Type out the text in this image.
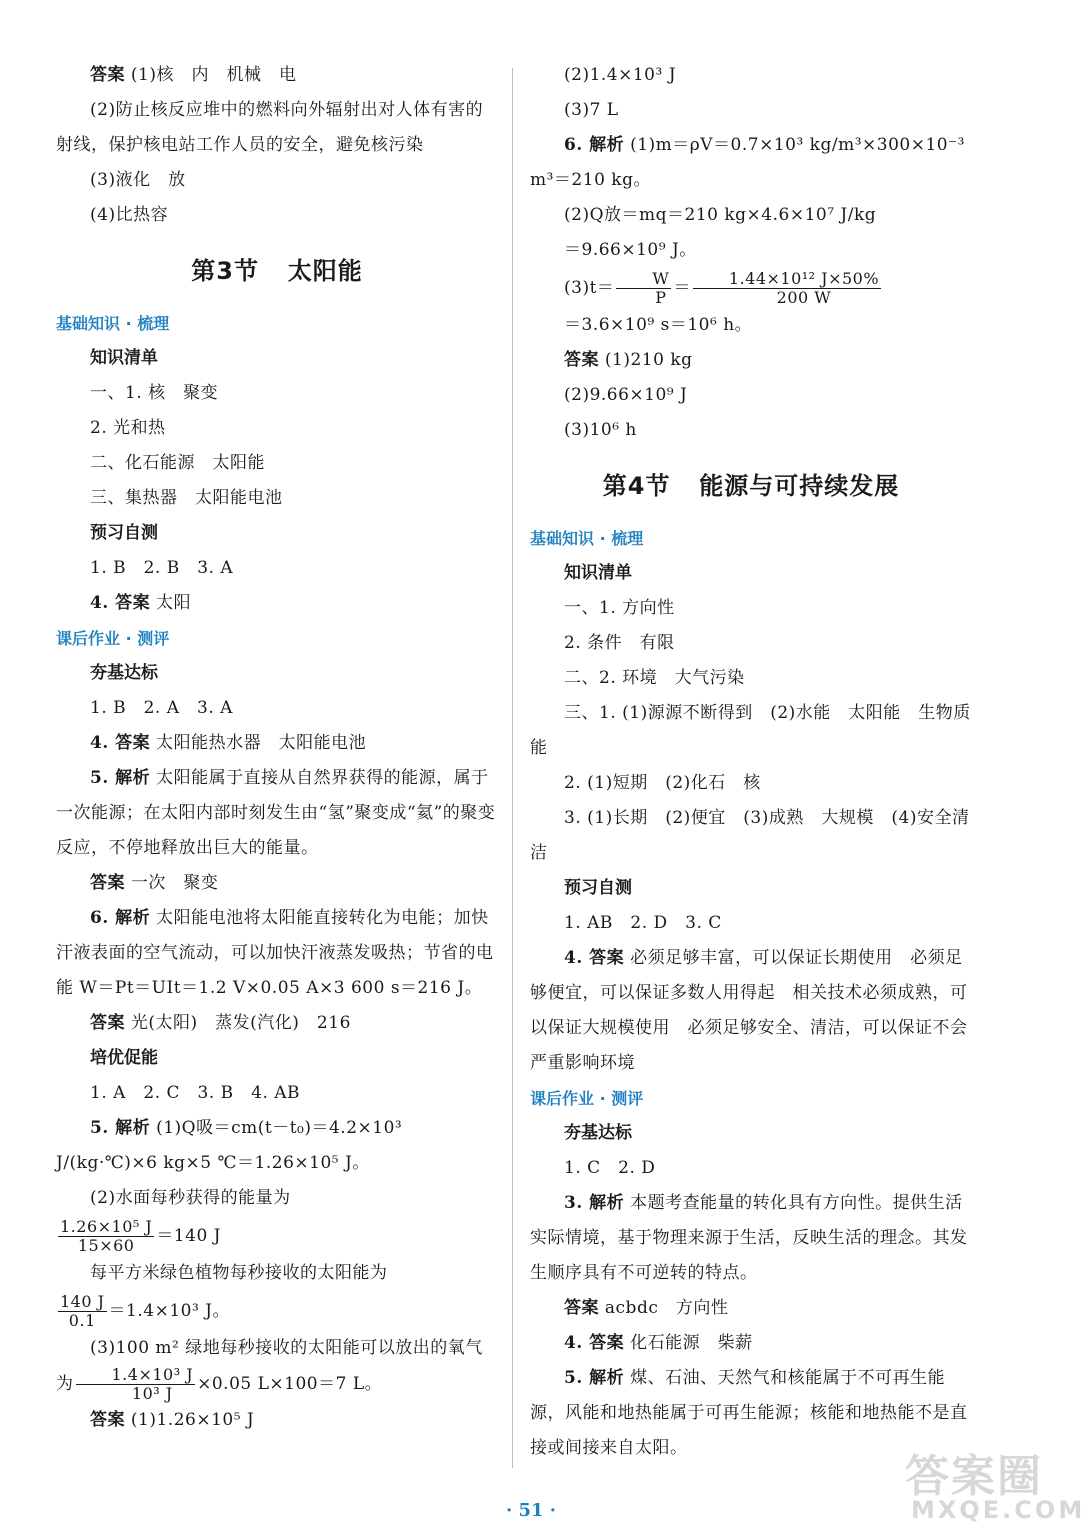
答案 (1)核　内　机械　电

(2)防止核反应堆中的燃料向外辐射出对人体有害的射线，保护核电站工作人员的安全，避免核污染

(3)液化　放

(4)比热容

第3节 太阳能

基础知识 · 梳理

知识清单

一、1. 核　聚变

2. 光和热

二、化石能源　太阳能

三、集热器　太阳能电池

预习自测

1. B　2. B　3. A

4. 答案 太阳

课后作业 · 测评

夯基达标

1. B　2. A　3. A

4. 答案 太阳能热水器　太阳能电池

5. 解析 太阳能属于直接从自然界获得的能源，属于一次能源；在太阳内部时刻发生由“氢”聚变成“氦”的聚变反应，不停地释放出巨大的能量。

答案 一次　聚变

6. 解析 太阳能电池将太阳能直接转化为电能；加快汗液表面的空气流动，可以加快汗液蒸发吸热；节省的电能 W＝Pt＝UIt＝1.2 V×0.05 A×3 600 s＝216 J。

答案 光(太阳)　蒸发(汽化)　216

培优促能

1. A　2. C　3. B　4. AB

5. 解析 (1)Q吸＝cm(t－t₀)＝4.2×10³ J/(kg·℃)×6 kg×5 ℃＝1.26×10⁵ J。

(2)水面每秒获得的能量为

$\frac{\text{1.26×10⁵ J}}{15\times 60} =140$ J

每平方米绿色植物每秒接收的太阳能为

$\frac{140 J}{0.1} =1.4\times 10^3$ J。

(3)100 m² 绿地每秒接收的太阳能可以放出的氧气为 $\frac{\text{1.4×10³ J}}{\text{10³ J}} \times 0.05$ L×100＝7 L。

答案 (1)1.26×10⁵ J

(2)1.4×10³ J

(3)7 L

6. 解析 (1)m＝ρV＝0.7×10³ kg/m³×300×10⁻³ m³＝210 kg。

(2)Q放＝mq＝210 kg×4.6×10⁷ J/kg

＝9.66×10⁹ J。

$(3)t= \frac{W}{P} = \frac{\text{1.44×10¹² J×50\%}}{200 W}$

＝3.6×10⁹ s＝10⁶ h。

答案 (1)210 kg

(2)9.66×10⁹ J

(3)10⁶ h

第4节 能源与可持续发展

基础知识 · 梳理

知识清单

一、1. 方向性

2. 条件　有限

二、2. 环境　大气污染

三、1. (1)源源不断得到　(2)水能　太阳能　生物质能

2. (1)短期　(2)化石　核

3. (1)长期　(2)便宜　(3)成熟　大规模　(4)安全清洁

预习自测

1. AB　2. D　3. C

4. 答案 必须足够丰富，可以保证长期使用　必须足够便宜，可以保证多数人用得起　相关技术必须成熟，可以保证大规模使用　必须足够安全、清洁，可以保证不会严重影响环境

课后作业 · 测评

夯基达标

1. C　2. D

3. 解析 本题考查能量的转化具有方向性。提供生活实际情境，基于物理来源于生活，反映生活的理念。其发生顺序具有不可逆转的特点。

答案 acbdc　方向性

4. 答案 化石能源　柴薪

5. 解析 煤、石油、天然气和核能属于不可再生能源，风能和地热能属于可再生能源；核能和地热能不是直接或间接来自太阳。

· 51 ·
答案圈
MXQE.COM
